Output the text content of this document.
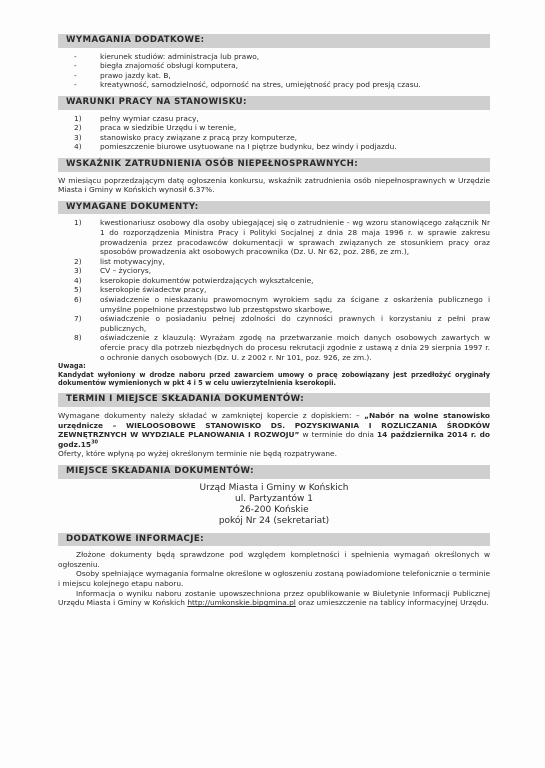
WYMAGANIA DODATKOWE:
- kierunek studiów: administracja lub prawo,
- biegła znajomość obsługi komputera,
- prawo jazdy kat. B,
- kreatywność, samodzielność, odporność na stres, umiejętność pracy pod presją czasu.
WARUNKI PRACY NA STANOWISKU:
1) pełny wymiar czasu pracy,
2) praca w siedzibie Urzędu i w terenie,
3) stanowisko pracy związane z pracą przy komputerze,
4) pomieszczenie biurowe usytuowane na I piętrze budynku, bez windy i podjazdu.
WSKAŹNIK ZATRUDNIENIA OSÓB NIEPEŁNOSPRAWNYCH:

W miesiącu poprzedzającym datę ogłoszenia konkursu, wskaźnik zatrudnienia osób niepełnosprawnych w Urzędzie Miasta i Gminy w Końskich wynosił 6.37%.

WYMAGANE DOKUMENTY:
1) kwestionariusz osobowy dla osoby ubiegającej się o zatrudnienie - wg wzoru stanowiącego załącznik Nr 1 do rozporządzenia Ministra Pracy i Polityki Socjalnej z dnia 28 maja 1996 r. w sprawie zakresu prowadzenia przez pracodawców dokumentacji w sprawach związanych ze stosunkiem pracy oraz sposobów prowadzenia akt osobowych pracownika (Dz. U. Nr 62, poz. 286, ze zm.),
2) list motywacyjny,
3) CV – życiorys,
4) kserokopie dokumentów potwierdzających wykształcenie,
5) kserokopie świadectw pracy,
6) oświadczenie o nieskazaniu prawomocnym wyrokiem sądu za ścigane z oskarżenia publicznego i umyślne popełnione przestępstwo lub przestępstwo skarbowe,
7) oświadczenie o posiadaniu pełnej zdolności do czynności prawnych i korzystaniu z pełni praw publicznych,
8) oświadczenie z klauzulą: Wyrażam zgodę na przetwarzanie moich danych osobowych zawartych w ofercie pracy dla potrzeb niezbędnych do procesu rekrutacji zgodnie z ustawą z dnia 29 sierpnia 1997 r. o ochronie danych osobowych (Dz. U. z 2002 r. Nr 101, poz. 926, ze zm.).
Uwaga:

Kandydat wyłoniony w drodze naboru przed zawarciem umowy o pracę zobowiązany jest przedłożyć oryginały dokumentów wymienionych w pkt 4 i 5 w celu uwierzytelnienia kserokopii.

TERMIN I MIEJSCE SKŁADANIA DOKUMENTÓW:

Wymagane dokumenty należy składać w zamkniętej kopercie z dopiskiem: – „Nabór na wolne stanowisko urzędnicze – WIELOOSOBOWE STANOWISKO DS. POZYSKIWANIA I ROZLICZANIA ŚRODKÓW ZEWNĘTRZNYCH W WYDZIALE PLANOWANIA I ROZWOJU” w terminie do dnia 14 października 2014 r. do $godz.15^{30}$

Oferty, które wpłyną po wyżej określonym terminie nie będą rozpatrywane.

MIEJSCE SKŁADANIA DOKUMENTÓW:
Urząd Miasta i Gminy w Końskich
ul. Partyzantów 1
26-200 Końskie
pokój Nr 24 (sekretariat)
DODATKOWE INFORMACJE:

Złożone dokumenty będą sprawdzone pod względem kompletności i spełnienia wymagań określonych w ogłoszeniu.

Osoby spełniające wymagania formalne określone w ogłoszeniu zostaną powiadomione telefonicznie o terminie i miejscu kolejnego etapu naboru.

Informacja o wyniku naboru zostanie upowszechniona przez opublikowanie w Biuletynie Informacji Publicznej Urzędu Miasta i Gminy w Końskich http://umkonskie.bipgmina.pl oraz umieszczenie na tablicy informacyjnej Urzędu.
